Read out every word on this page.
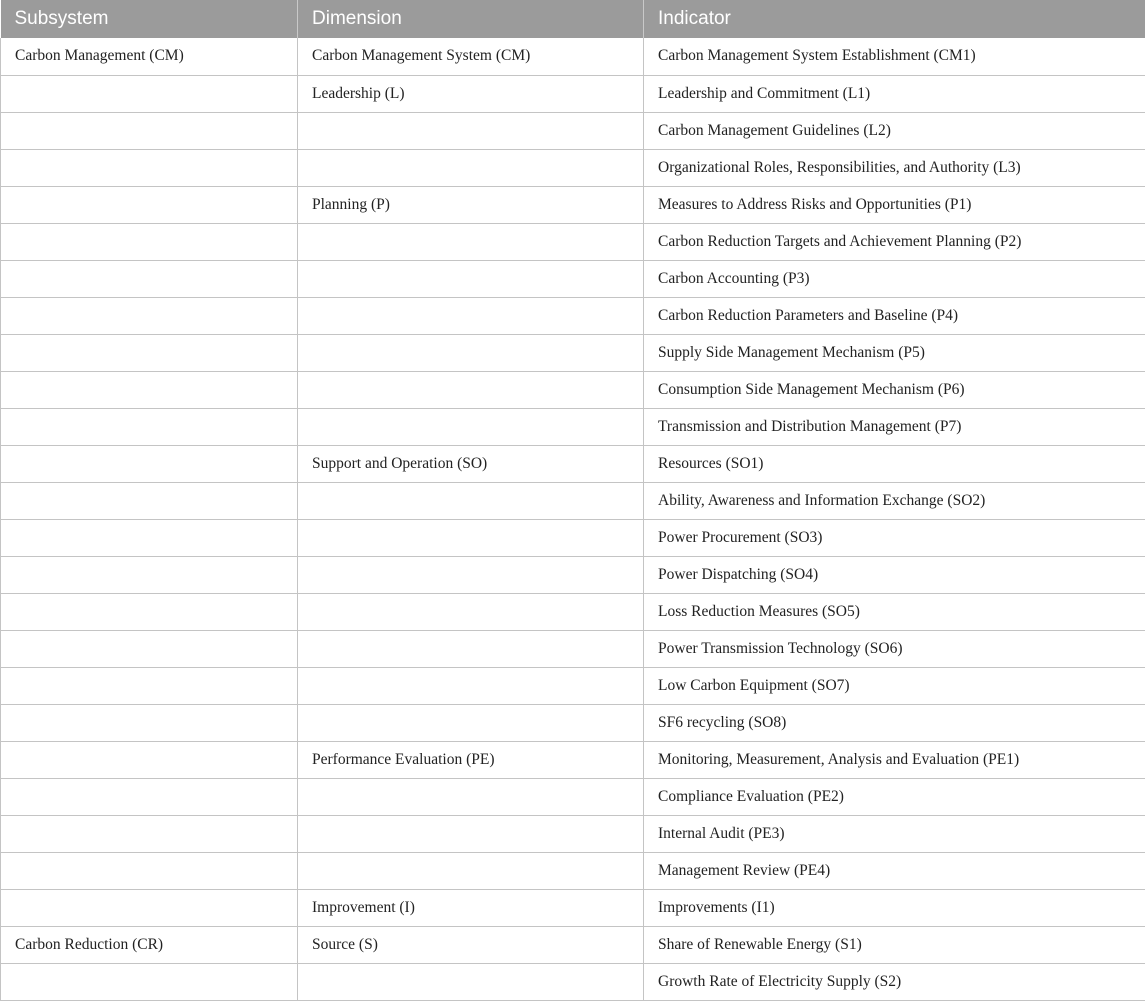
Subsystem	Dimension	Indicator
Carbon Management (CM)	Carbon Management System (CM)	Carbon Management System Establishment (CM1)
	Leadership (L)	Leadership and Commitment (L1)
		Carbon Management Guidelines (L2)
		Organizational Roles, Responsibilities, and Authority (L3)
	Planning (P)	Measures to Address Risks and Opportunities (P1)
		Carbon Reduction Targets and Achievement Planning (P2)
		Carbon Accounting (P3)
		Carbon Reduction Parameters and Baseline (P4)
		Supply Side Management Mechanism (P5)
		Consumption Side Management Mechanism (P6)
		Transmission and Distribution Management (P7)
	Support and Operation (SO)	Resources (SO1)
		Ability, Awareness and Information Exchange (SO2)
		Power Procurement (SO3)
		Power Dispatching (SO4)
		Loss Reduction Measures (SO5)
		Power Transmission Technology (SO6)
		Low Carbon Equipment (SO7)
		SF6 recycling (SO8)
	Performance Evaluation (PE)	Monitoring, Measurement, Analysis and Evaluation (PE1)
		Compliance Evaluation (PE2)
		Internal Audit (PE3)
		Management Review (PE4)
	Improvement (I)	Improvements (I1)
Carbon Reduction (CR)	Source (S)	Share of Renewable Energy (S1)
		Growth Rate of Electricity Supply (S2)
